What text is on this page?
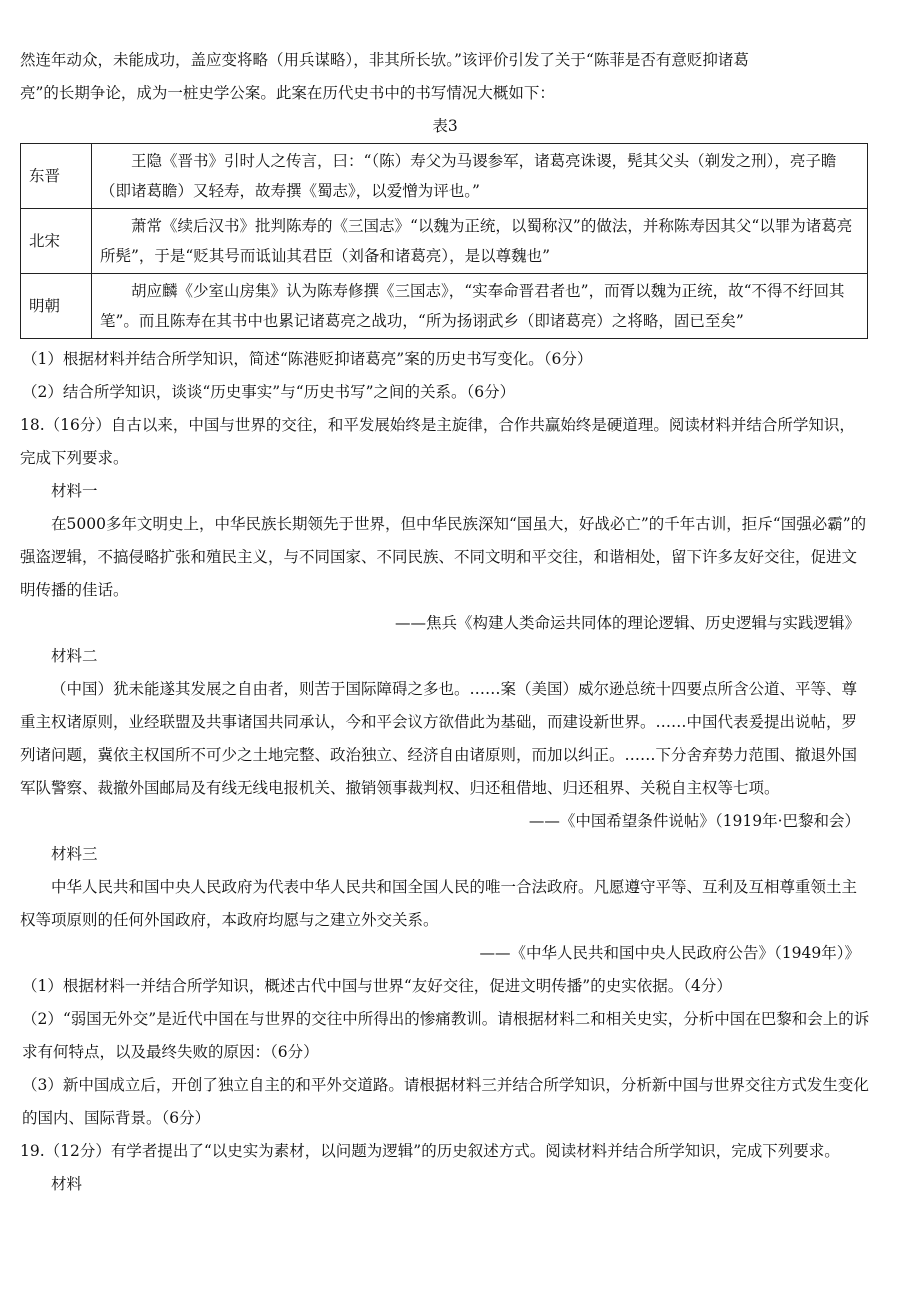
然连年动众，未能成功，盖应变将略（用兵谋略），非其所长欤。”该评价引发了关于“陈菲是否有意贬抑诸葛

亮”的长期争论，成为一桩史学公案。此案在历代史书中的书写情况大概如下：

表3

东晋	王隐《晋书》引时人之传言，曰：“（陈）寿父为马谡参军，诸葛亮诛谡，髡其父头（剃发之刑），亮子瞻（即诸葛瞻）又轻寿，故寿撰《蜀志》，以爱憎为评也。”
北宋	萧常《续后汉书》批判陈寿的《三国志》“以魏为正统，以蜀称汉”的做法，并称陈寿因其父“以罪为诸葛亮所髡”，于是“贬其号而诋讪其君臣（刘备和诸葛亮），是以尊魏也”
明朝	胡应麟《少室山房集》认为陈寿修撰《三国志》，“实奉命晋君者也”，而胥以魏为正统，故“不得不纡回其笔”。而且陈寿在其书中也累记诸葛亮之战功，“所为扬诩武乡（即诸葛亮）之将略，固已至矣”

（1）根据材料并结合所学知识，简述“陈港贬抑诸葛亮”案的历史书写变化。（6分）

（2）结合所学知识，谈谈“历史事实”与“历史书写”之间的关系。（6分）

18.（16分）自古以来，中国与世界的交往，和平发展始终是主旋律，合作共赢始终是硬道理。阅读材料并结合所学知识，完成下列要求。

材料一

在5000多年文明史上，中华民族长期领先于世界，但中华民族深知“国虽大，好战必亡”的千年古训，拒斥“国强必霸”的强盗逻辑，不搞侵略扩张和殖民主义，与不同国家、不同民族、不同文明和平交往，和谐相处，留下许多友好交往，促进文明传播的佳话。

——焦兵《构建人类命运共同体的理论逻辑、历史逻辑与实践逻辑》

材料二

（中国）犹未能遂其发展之自由者，则苦于国际障碍之多也。……案（美国）威尔逊总统十四要点所含公道、平等、尊重主权诸原则，业经联盟及共事诸国共同承认，今和平会议方欲借此为基础，而建设新世界。……中国代表爰提出说帖，罗列诸问题，冀依主权国所不可少之土地完整、政治独立、经济自由诸原则，而加以纠正。……下分舍弃势力范围、撤退外国军队警察、裁撤外国邮局及有线无线电报机关、撤销领事裁判权、归还租借地、归还租界、关税自主权等七项。

——《中国希望条件说帖》（1919年·巴黎和会）

材料三

中华人民共和国中央人民政府为代表中华人民共和国全国人民的唯一合法政府。凡愿遵守平等、互利及互相尊重领土主权等项原则的任何外国政府，本政府均愿与之建立外交关系。

——《中华人民共和国中央人民政府公告》（1949年）》

（1）根据材料一并结合所学知识，概述古代中国与世界“友好交往，促进文明传播”的史实依据。（4分）

（2）“弱国无外交”是近代中国在与世界的交往中所得出的惨痛教训。请根据材料二和相关史实，分析中国在巴黎和会上的诉求有何特点，以及最终失败的原因：（6分）

（3）新中国成立后，开创了独立自主的和平外交道路。请根据材料三并结合所学知识，分析新中国与世界交往方式发生变化的国内、国际背景。（6分）

19.（12分）有学者提出了“以史实为素材，以问题为逻辑”的历史叙述方式。阅读材料并结合所学知识，完成下列要求。

材料
